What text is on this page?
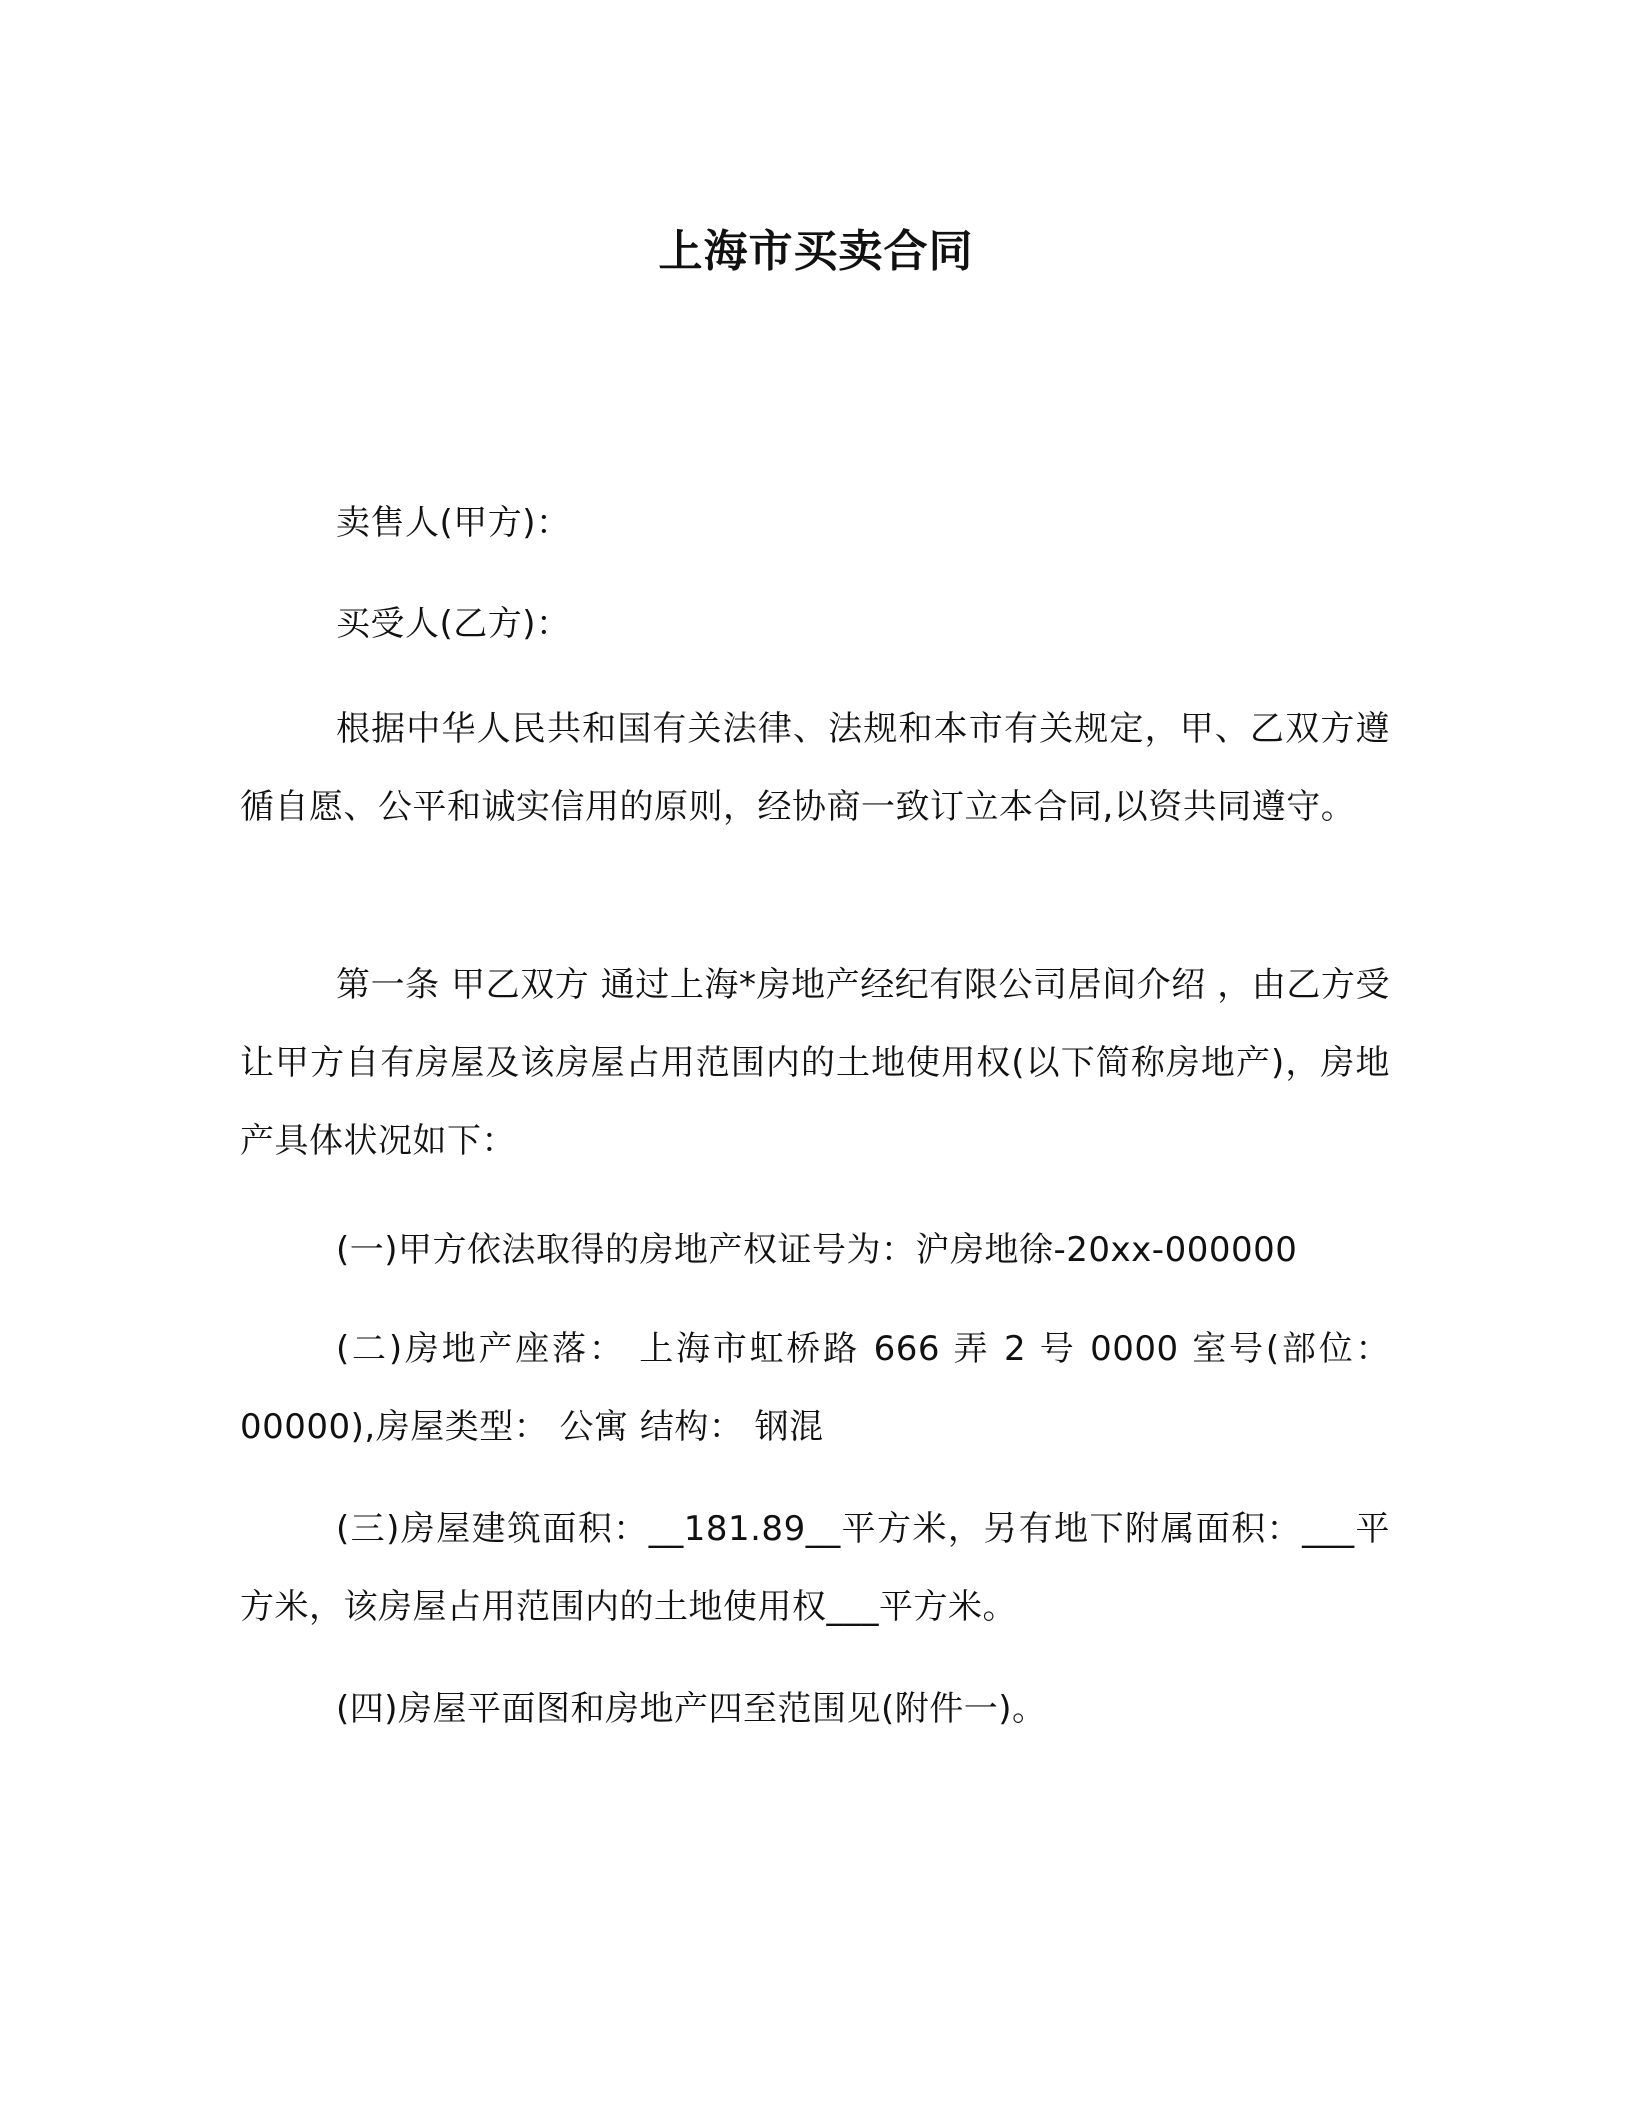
上海市买卖合同
卖售人(甲方)：
买受人(乙方)：
根据中华人民共和国有关法律、法规和本市有关规定，甲、乙双方遵循自愿、公平和诚实信用的原则，经协商一致订立本合同,以资共同遵守。
第一条 甲乙双方 通过上海*房地产经纪有限公司居间介绍 ，由乙方受让甲方自有房屋及该房屋占用范围内的土地使用权(以下简称房地产)，房地产具体状况如下：
(一)甲方依法取得的房地产权证号为：沪房地徐-20xx-000000
(二)房地产座落： 上海市虹桥路 666 弄 2 号 0000 室号(部位：00000),房屋类型： 公寓 结构： 钢混
(三)房屋建筑面积：__181.89__平方米，另有地下附属面积：___平方米，该房屋占用范围内的土地使用权___平方米。
(四)房屋平面图和房地产四至范围见(附件一)。
